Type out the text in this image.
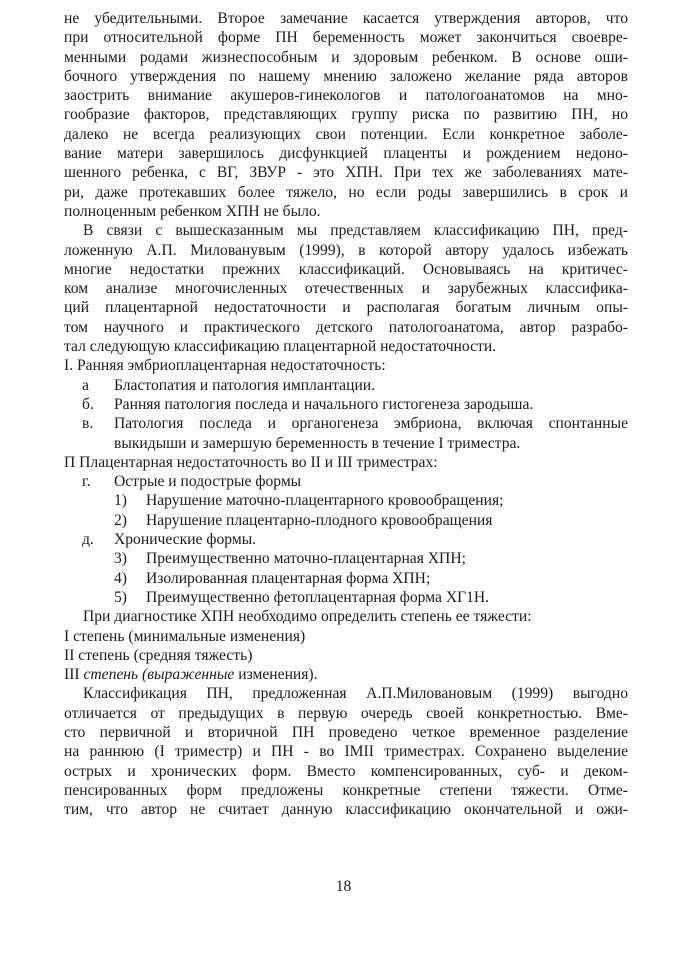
не убедительными. Второе замечание касается утверждения авторов, что
при относительной форме ПН беременность может закончиться своевре-
менными родами жизнеспособным и здоровым ребенком. В основе оши-
бочного утверждения по нашему мнению заложено желание ряда авторов
заострить внимание акушеров-гинекологов и патологоанатомов на мно-
гообразие факторов, представляющих группу риска по развитию ПН, но
далеко не всегда реализующих свои потенции. Если конкретное заболе-
вание матери завершилось дисфункцией плаценты и рождением недоно-
шенного ребенка, с ВГ, ЗВУР - это ХПН. При тех же заболеваниях мате-
ри, даже протекавших более тяжело, но если роды завершились в срок и
полноценным ребенком ХПН не было.
В связи с вышесказанным мы представляем классификацию ПН, пред-
ложенную А.П. Милованувым (1999), в которой автору удалось избежать
многие недостатки прежних классификаций. Основываясь на критичес-
ком анализе многочисленных отечественных и зарубежных классифика-
ций плацентарной недостаточности и располагая богатым личным опы-
том научного и практического детского патологоанатома, автор разрабо-
тал следующую классификацию плацентарной недостаточности.
I. Ранняя эмбриоплацентарная недостаточность:
а Бластопатия и патология имплантации.
б. Ранняя патология последа и начального гистогенеза зародыша.
в. Патология последа и органогенеза эмбриона, включая спонтанные
выкидыши и замершую беременность в течение I триместра.
П Плацентарная недостаточность во II и III триместрах:
г. Острые и подострые формы
1) Нарушение маточно-плацентарного кровообращения;
2) Нарушение плацентарно-плодного кровообращения
д. Хронические формы.
3) Преимущественно маточно-плацентарная ХПН;
4) Изолированная плацентарная форма ХПН;
5) Преимущественно фетоплацентарная форма ХГ1Н.
При диагностике ХПН необходимо определить степень ее тяжести:
I степень (минимальные изменения)
II степень (средняя тяжесть)
III степень (выраженные изменения).
Классификация ПН, предложенная А.П.Миловановым (1999) выгодно
отличается от предыдущих в первую очередь своей конкретностью. Вме-
сто первичной и вторичной ПН проведено четкое временное разделение
на раннюю (I триместр) и ПН - во IMII триместрах. Сохранено выделение
острых и хронических форм. Вместо компенсированных, суб- и деком-
пенсированных форм предложены конкретные степени тяжести. Отме-
тим, что автор не считает данную классификацию окончательной и ожи-
18
